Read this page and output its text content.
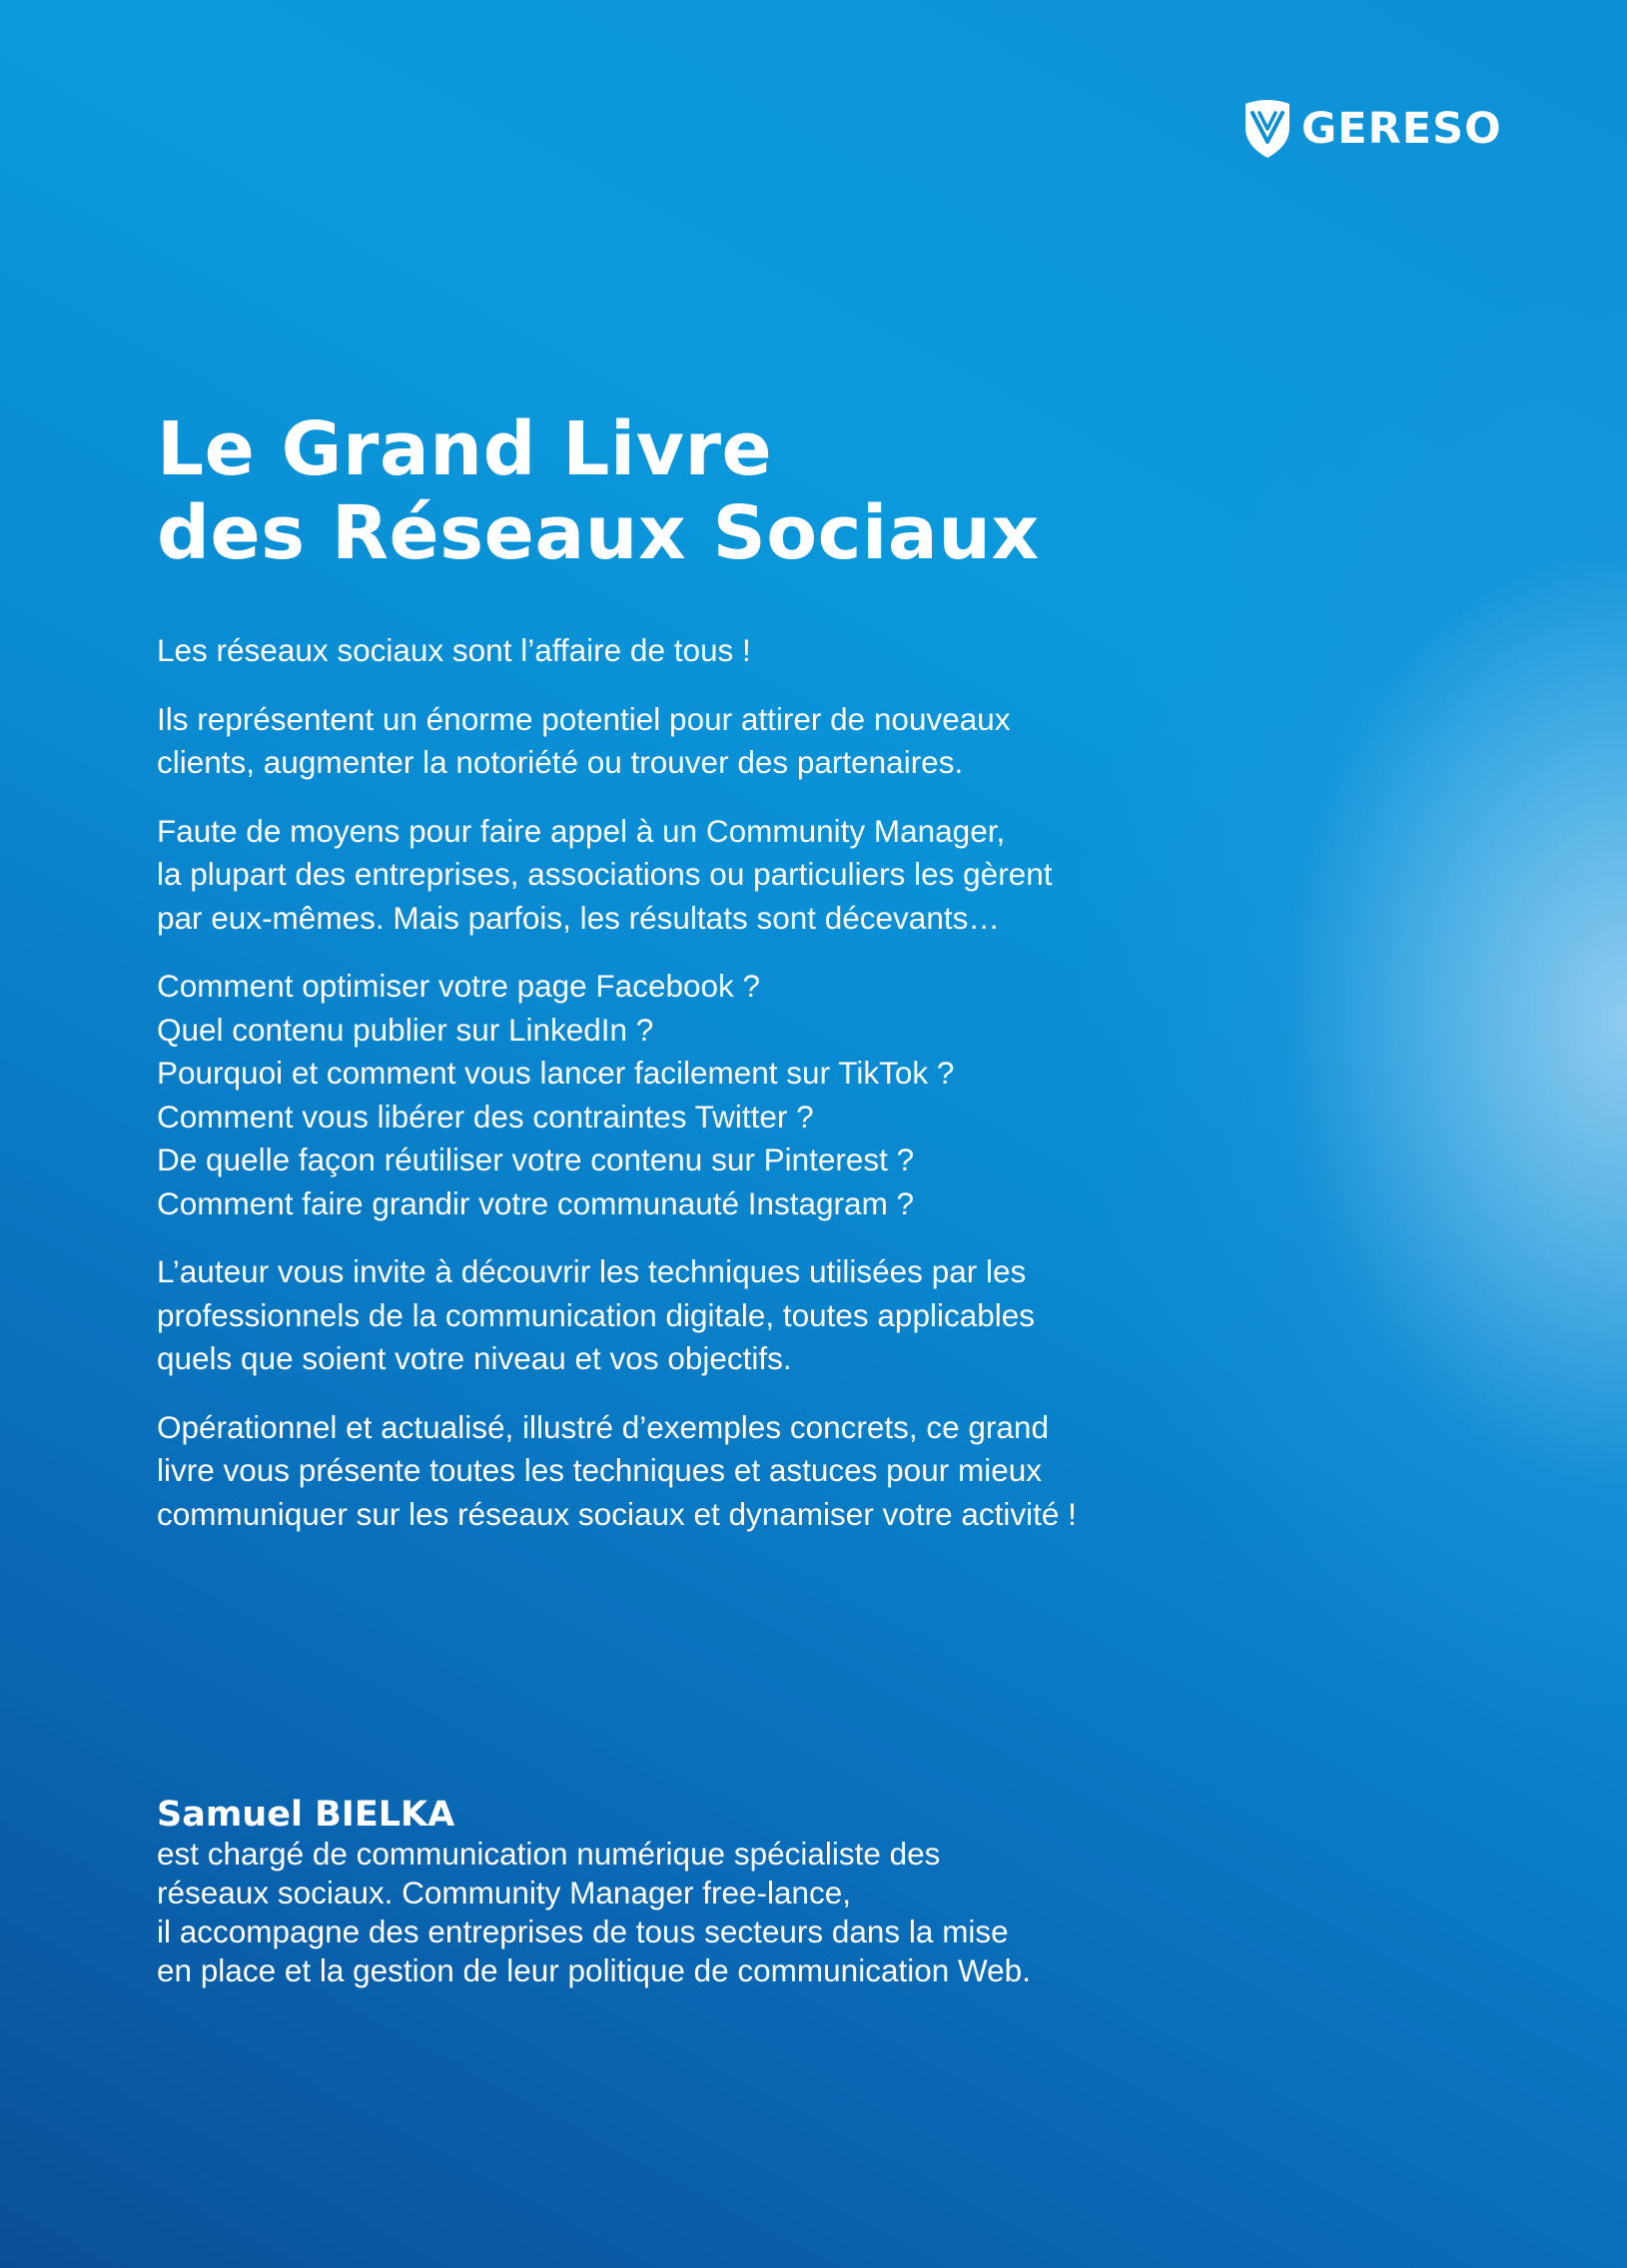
GERESO
Le Grand Livre
des Réseaux Sociaux

Les réseaux sociaux sont l’affaire de tous !

Ils représentent un énorme potentiel pour attirer de nouveaux
clients, augmenter la notoriété ou trouver des partenaires.

Faute de moyens pour faire appel à un Community Manager,
la plupart des entreprises, associations ou particuliers les gèrent
par eux-mêmes. Mais parfois, les résultats sont décevants…

Comment optimiser votre page Facebook ?
Quel contenu publier sur LinkedIn ?
Pourquoi et comment vous lancer facilement sur TikTok ?
Comment vous libérer des contraintes Twitter ?
De quelle façon réutiliser votre contenu sur Pinterest ?
Comment faire grandir votre communauté Instagram ?

L’auteur vous invite à découvrir les techniques utilisées par les
professionnels de la communication digitale, toutes applicables
quels que soient votre niveau et vos objectifs.

Opérationnel et actualisé, illustré d’exemples concrets, ce grand
livre vous présente toutes les techniques et astuces pour mieux
communiquer sur les réseaux sociaux et dynamiser votre activité !

Samuel BIELKA

est chargé de communication numérique spécialiste des
réseaux sociaux. Community Manager free-lance,
il accompagne des entreprises de tous secteurs dans la mise
en place et la gestion de leur politique de communication Web.
